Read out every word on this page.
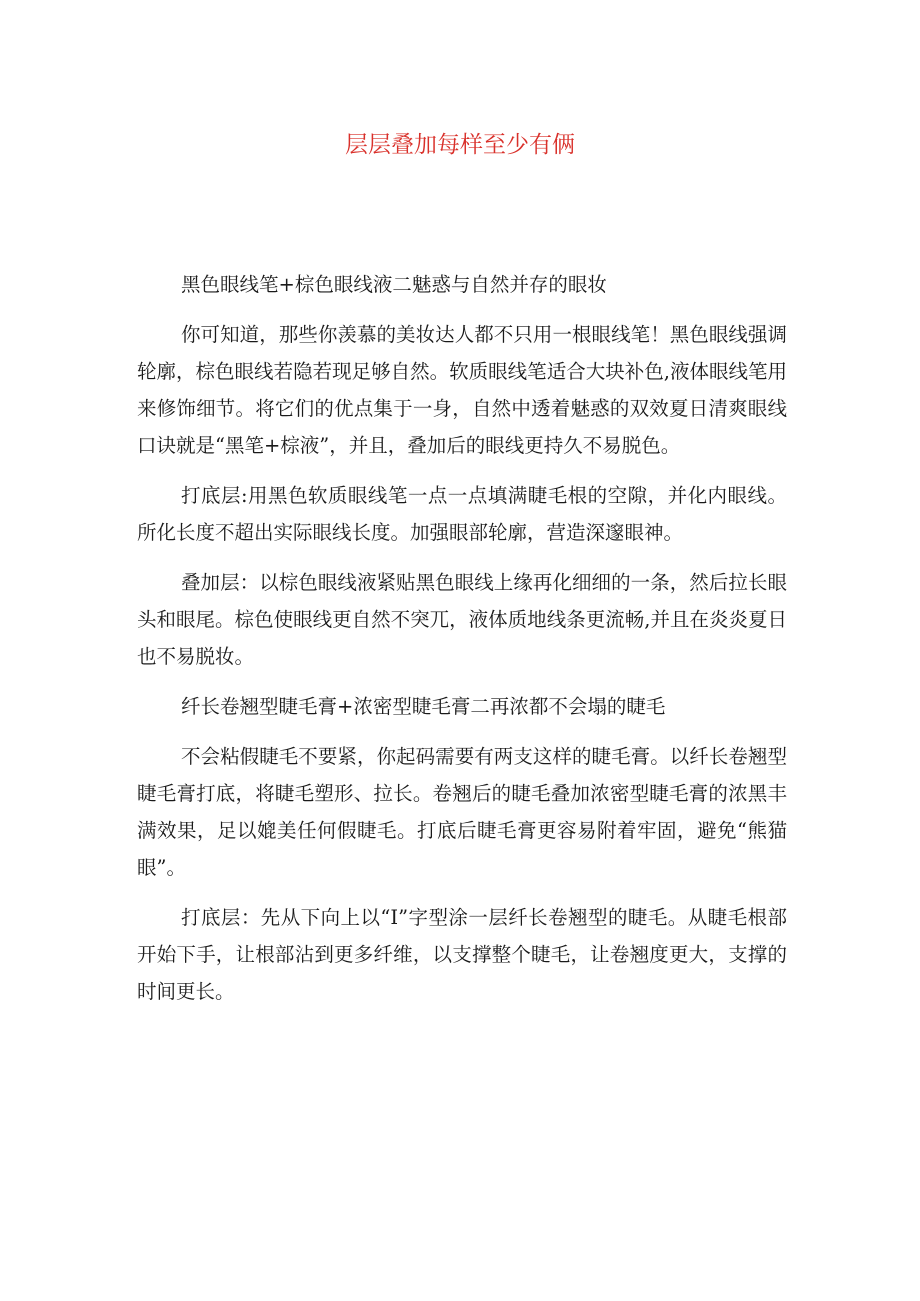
层层叠加每样至少有俩

黑色眼线笔+棕色眼线液二魅惑与自然并存的眼妆

你可知道，那些你羡慕的美妆达人都不只用一根眼线笔！黑色眼线强调轮廓，棕色眼线若隐若现足够自然。软质眼线笔适合大块补色,液体眼线笔用来修饰细节。将它们的优点集于一身，自然中透着魅惑的双效夏日清爽眼线口诀就是“黑笔+棕液”，并且，叠加后的眼线更持久不易脱色。

打底层:用黑色软质眼线笔一点一点填满睫毛根的空隙，并化内眼线。所化长度不超出实际眼线长度。加强眼部轮廓，营造深邃眼神。

叠加层：以棕色眼线液紧贴黑色眼线上缘再化细细的一条，然后拉长眼头和眼尾。棕色使眼线更自然不突兀，液体质地线条更流畅,并且在炎炎夏日也不易脱妆。

纤长卷翘型睫毛膏+浓密型睫毛膏二再浓都不会塌的睫毛

不会粘假睫毛不要紧，你起码需要有两支这样的睫毛膏。以纤长卷翘型睫毛膏打底，将睫毛塑形、拉长。卷翘后的睫毛叠加浓密型睫毛膏的浓黑丰满效果，足以媲美任何假睫毛。打底后睫毛膏更容易附着牢固，避免“熊猫眼”。

打底层：先从下向上以“I”字型涂一层纤长卷翘型的睫毛。从睫毛根部开始下手，让根部沾到更多纤维，以支撑整个睫毛，让卷翘度更大，支撑的时间更长。
